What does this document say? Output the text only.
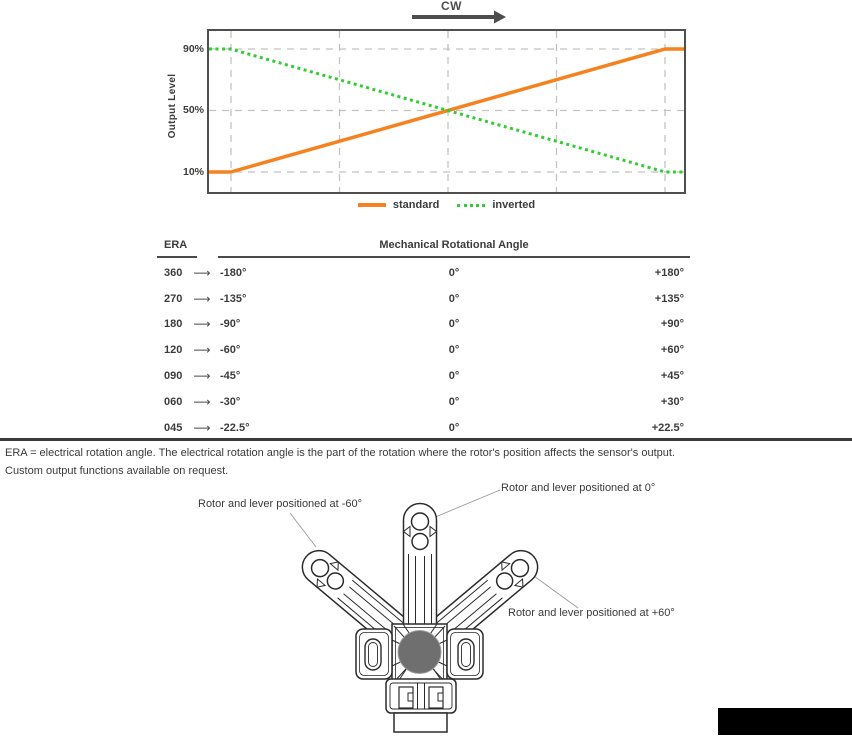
CW
90%
50%
10%
Output Level
standard	inverted
ERA	Mechanical Rotational Angle
360 ⟶ -180°	0°	+180°
270 ⟶ -135°	0°	+135°
180 ⟶ -90°	0°	+90°
120 ⟶ -60°	0°	+60°
090 ⟶ -45°	0°	+45°
060 ⟶ -30°	0°	+30°
045 ⟶ -22.5°	0°	+22.5°
ERA = electrical rotation angle. The electrical rotation angle is the part of the rotation where the rotor's position affects the sensor's output.
Custom output functions available on request.
Rotor and lever positioned at -60°
Rotor and lever positioned at 0°
Rotor and lever positioned at +60°
